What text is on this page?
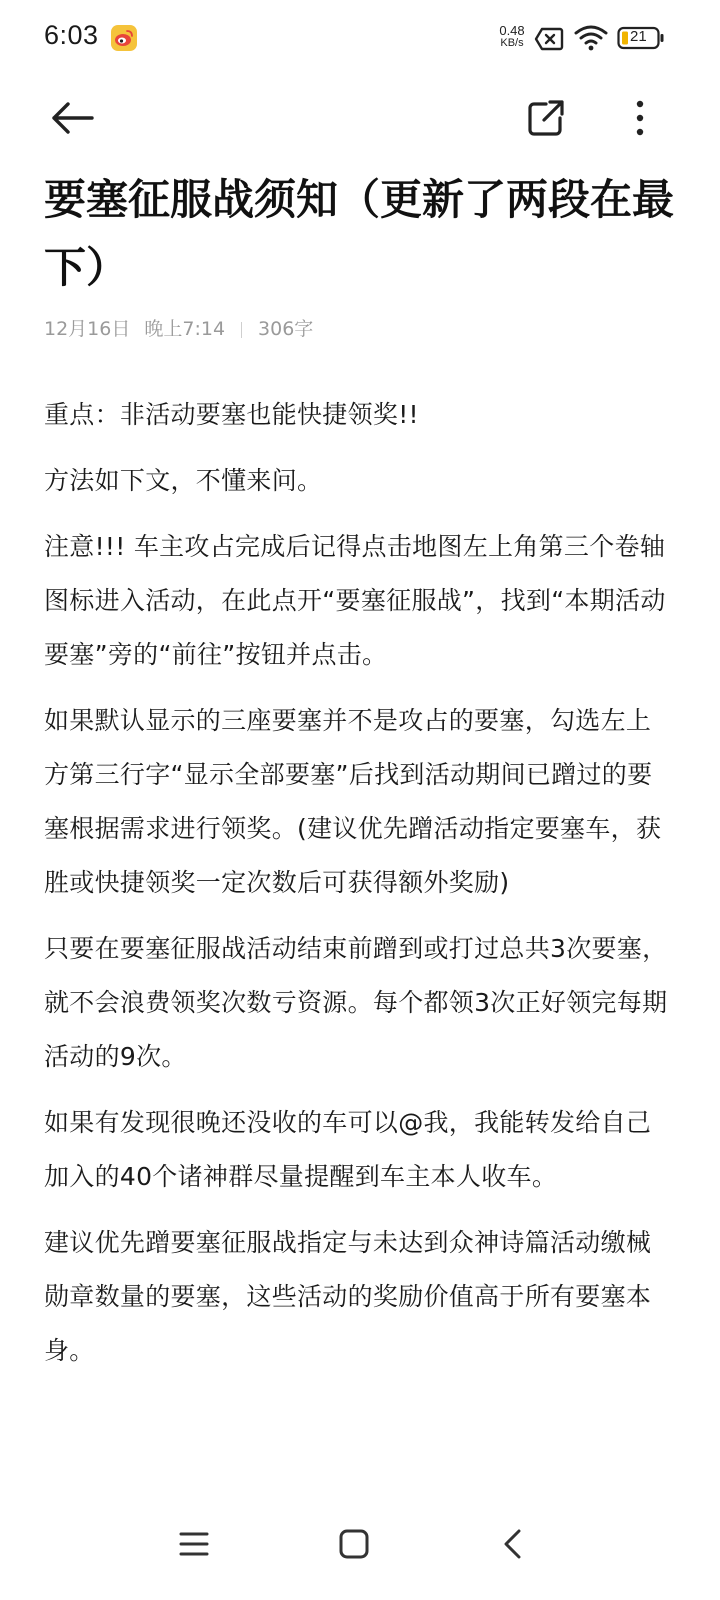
6:03	0.48
KB/s	21
要塞征服战须知（更新了两段在最下）
12月16日 晚上7:14 306字

重点：非活动要塞也能快捷领奖!!

方法如下文，不懂来问。

注意!!! 车主攻占完成后记得点击地图左上角第三个卷轴图标进入活动，在此点开“要塞征服战”，找到“本期活动要塞”旁的“前往”按钮并点击。

如果默认显示的三座要塞并不是攻占的要塞，勾选左上方第三行字“显示全部要塞”后找到活动期间已蹭过的要塞根据需求进行领奖。(建议优先蹭活动指定要塞车，获胜或快捷领奖一定次数后可获得额外奖励)

只要在要塞征服战活动结束前蹭到或打过总共3次要塞，就不会浪费领奖次数亏资源。每个都领3次正好领完每期活动的9次。

如果有发现很晚还没收的车可以@我，我能转发给自己加入的40个诸神群尽量提醒到车主本人收车。

建议优先蹭要塞征服战指定与未达到众神诗篇活动缴械勋章数量的要塞，这些活动的奖励价值高于所有要塞本身。
